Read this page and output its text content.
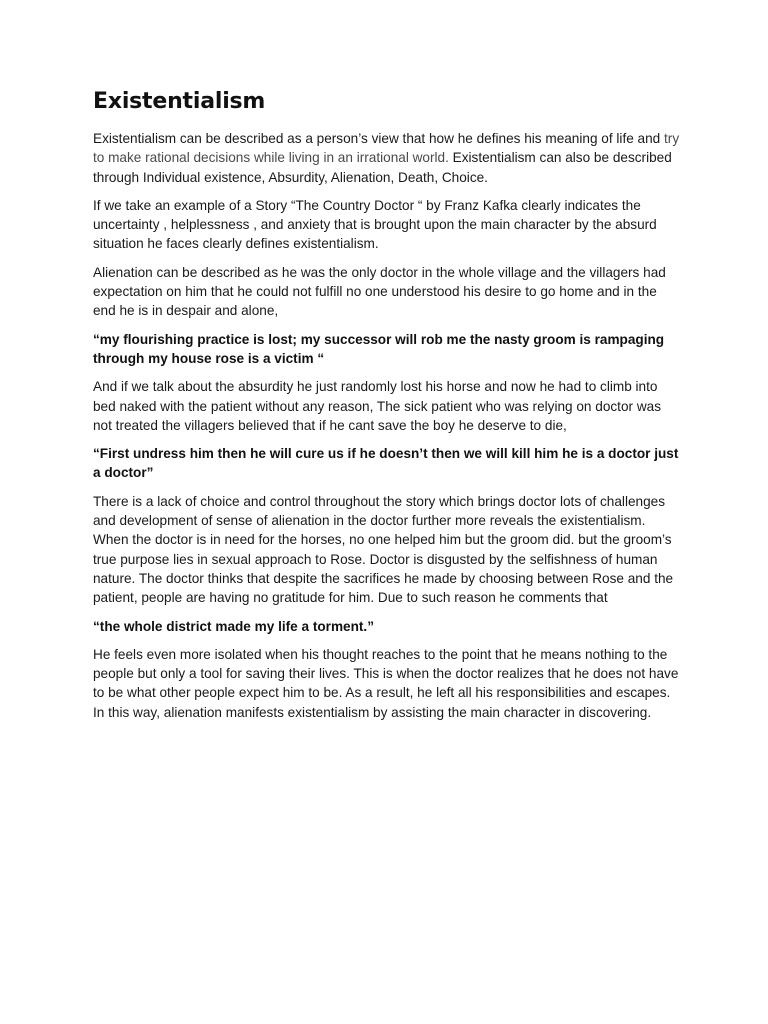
Existentialism

Existentialism can be described as a person’s view that how he defines his meaning of life and try to make rational decisions while living in an irrational world. Existentialism can also be described through Individual existence, Absurdity, Alienation, Death, Choice.

If we take an example of a Story “The Country Doctor “ by Franz Kafka clearly indicates the uncertainty , helplessness , and anxiety that is brought upon the main character by the absurd situation he faces clearly defines existentialism.

Alienation can be described as he was the only doctor in the whole village and the villagers had expectation on him that he could not fulfill no one understood his desire to go home and in the end he is in despair and alone,

“my flourishing practice is lost; my successor will rob me the nasty groom is rampaging through my house rose is a victim “

And if we talk about the absurdity he just randomly lost his horse and now he had to climb into bed naked with the patient without any reason, The sick patient who was relying on doctor was not treated the villagers believed that if he cant save the boy he deserve to die,

“First undress him then he will cure us if he doesn’t then we will kill him he is a doctor just a doctor”

There is a lack of choice and control throughout the story which brings doctor lots of challenges and development of sense of alienation in the doctor further more reveals the existentialism. When the doctor is in need for the horses, no one helped him but the groom did. but the groom’s true purpose lies in sexual approach to Rose. Doctor is disgusted by the selfishness of human nature. The doctor thinks that despite the sacrifices he made by choosing between Rose and the patient, people are having no gratitude for him. Due to such reason he comments that

“the whole district made my life a torment.”

He feels even more isolated when his thought reaches to the point that he means nothing to the people but only a tool for saving their lives. This is when the doctor realizes that he does not have to be what other people expect him to be. As a result, he left all his responsibilities and escapes. In this way, alienation manifests existentialism by assisting the main character in discovering.
